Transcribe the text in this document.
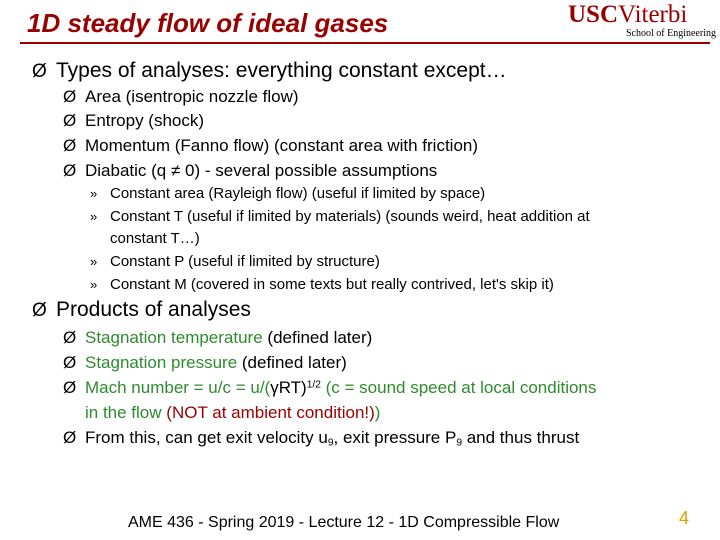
1D steady flow of ideal gases	USCViterbi
School of Engineering
Ø Types of analyses: everything constant except…
Ø Area (isentropic nozzle flow)
Ø Entropy (shock)
Ø Momentum (Fanno flow) (constant area with friction)
Ø Diabatic (q ≠ 0) - several possible assumptions
» Constant area (Rayleigh flow) (useful if limited by space)
» Constant T (useful if limited by materials) (sounds weird, heat addition at
constant T…)
» Constant P (useful if limited by structure)
» Constant M (covered in some texts but really contrived, let's skip it)
Ø Products of analyses
Ø Stagnation temperature (defined later)
Ø Stagnation pressure (defined later)
Ø Mach number = $u/c = u/(\gamma RT)^{1/2}$ (c = sound speed at local conditions
in the flow (NOT at ambient condition!))
Ø From this, can get exit velocity $u_9$, exit pressure $P_9$ and thus thrust
AME 436 - Spring 2019 - Lecture 12 - 1D Compressible Flow	4
